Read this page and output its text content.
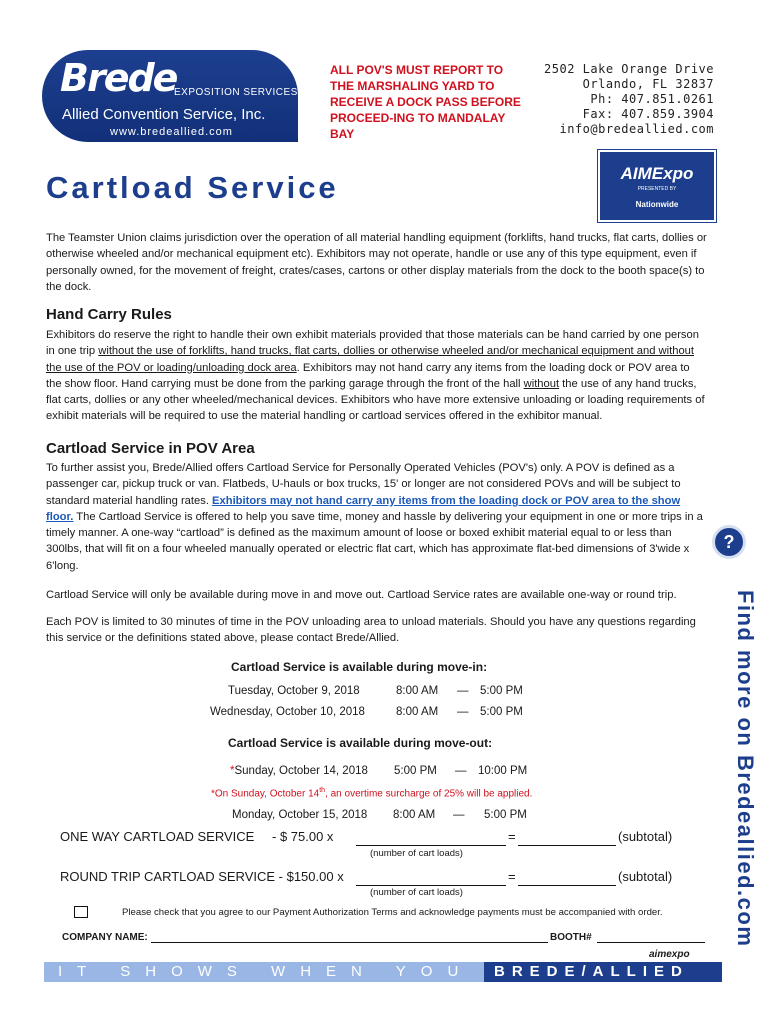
Brede
EXPOSITION SERVICES
Allied Convention Service, Inc.
www.bredeallied.com
ALL POV'S MUST REPORT TO THE MARSHALING YARD TO RECEIVE A DOCK PASS BEFORE PROCEED-ING TO MANDALAY BAY
2502 Lake Orange Drive
Orlando, FL 32837
Ph: 407.851.0261
Fax: 407.859.3904
info@bredeallied.com
AIMExpo
PRESENTED BY
Nationwide
Cartload Service
The Teamster Union claims jurisdiction over the operation of all material handling equipment (forklifts, hand trucks, flat carts, dollies or otherwise wheeled and/or mechanical equipment etc). Exhibitors may not operate, handle or use any of this type equipment, even if personally owned, for the movement of freight, crates/cases, cartons or other display materials from the dock to the booth space(s) to the dock.
Hand Carry Rules
Exhibitors do reserve the right to handle their own exhibit materials provided that those materials can be hand carried by one person in one trip without the use of forklifts, hand trucks, flat carts, dollies or otherwise wheeled and/or mechanical equipment and without the use of the POV or loading/unloading dock area. Exhibitors may not hand carry any items from the loading dock or POV area to the show floor. Hand carrying must be done from the parking garage through the front of the hall without the use of any hand trucks, flat carts, dollies or any other wheeled/mechanical devices. Exhibitors who have more extensive unloading or loading requirements of exhibit materials will be required to use the material handling or cartload services offered in the exhibitor manual.
Cartload Service in POV Area
To further assist you, Brede/Allied offers Cartload Service for Personally Operated Vehicles (POV's) only. A POV is defined as a passenger car, pickup truck or van. Flatbeds, U-hauls or box trucks, 15' or longer are not considered POVs and will be subject to standard material handling rates. Exhibitors may not hand carry any items from the loading dock or POV area to the show floor. The Cartload Service is offered to help you save time, money and hassle by delivering your equipment in one or more trips in a timely manner. A one-way “cartload” is defined as the maximum amount of loose or boxed exhibit material equal to or less than 300lbs, that will fit on a four wheeled manually operated or electric flat cart, which has approximate flat-bed dimensions of 3'wide x 6'long.
Cartload Service will only be available during move in and move out. Cartload Service rates are available one-way or round trip.
Each POV is limited to 30 minutes of time in the POV unloading area to unload materials. Should you have any questions regarding this service or the definitions stated above, please contact Brede/Allied.
Cartload Service is available during move-in:
Tuesday, October 9, 2018	8:00 AM — 5:00 PM
Wednesday, October 10, 2018	8:00 AM — 5:00 PM
Cartload Service is available during move-out:
*Sunday, October 14, 2018 5:00 PM — 10:00 PM
*On Sunday, October 14th, an overtime surcharge of 25% will be applied.
Monday, October 15, 2018 8:00 AM — 5:00 PM
ONE WAY CARTLOAD SERVICE - $ 75.00 x	=	(subtotal)
(number of cart loads)
ROUND TRIP CARTLOAD SERVICE - $150.00 x	=	(subtotal)
(number of cart loads)
Please check that you agree to our Payment Authorization Terms and acknowledge payments must be accompanied with order.
COMPANY NAME:	BOOTH#
aimexpo
IT SHOWS WHEN YOU USE
BREDE/ALLIED
?
Find more on Bredeallied.com
